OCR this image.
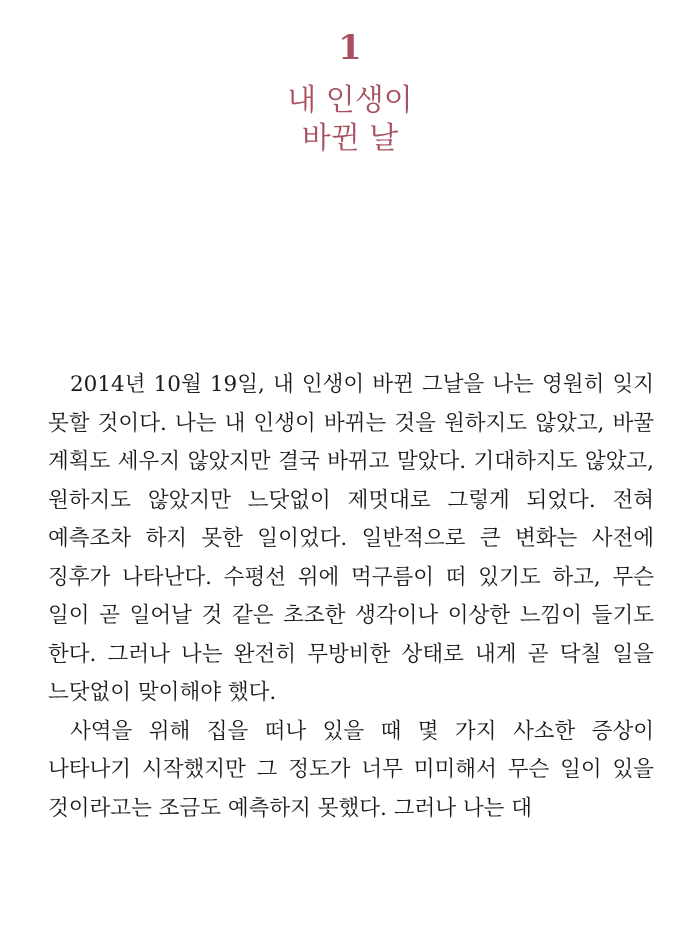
1
내 인생이
바뀐 날

2014년 10월 19일, 내 인생이 바뀐 그날을 나는 영원히 잊지 못할 것이다. 나는 내 인생이 바뀌는 것을 원하지도 않았고, 바꿀 계획도 세우지 않았지만 결국 바뀌고 말았다. 기대하지도 않았고, 원하지도 않았지만 느닷없이 제멋대로 그렇게 되었다. 전혀 예측조차 하지 못한 일이었다. 일반적으로 큰 변화는 사전에 징후가 나타난다. 수평선 위에 먹구름이 떠 있기도 하고, 무슨 일이 곧 일어날 것 같은 초조한 생각이나 이상한 느낌이 들기도 한다. 그러나 나는 완전히 무방비한 상태로 내게 곧 닥칠 일을 느닷없이 맞이해야 했다.

사역을 위해 집을 떠나 있을 때 몇 가지 사소한 증상이 나타나기 시작했지만 그 정도가 너무 미미해서 무슨 일이 있을 것이라고는 조금도 예측하지 못했다. 그러나 나는 대
